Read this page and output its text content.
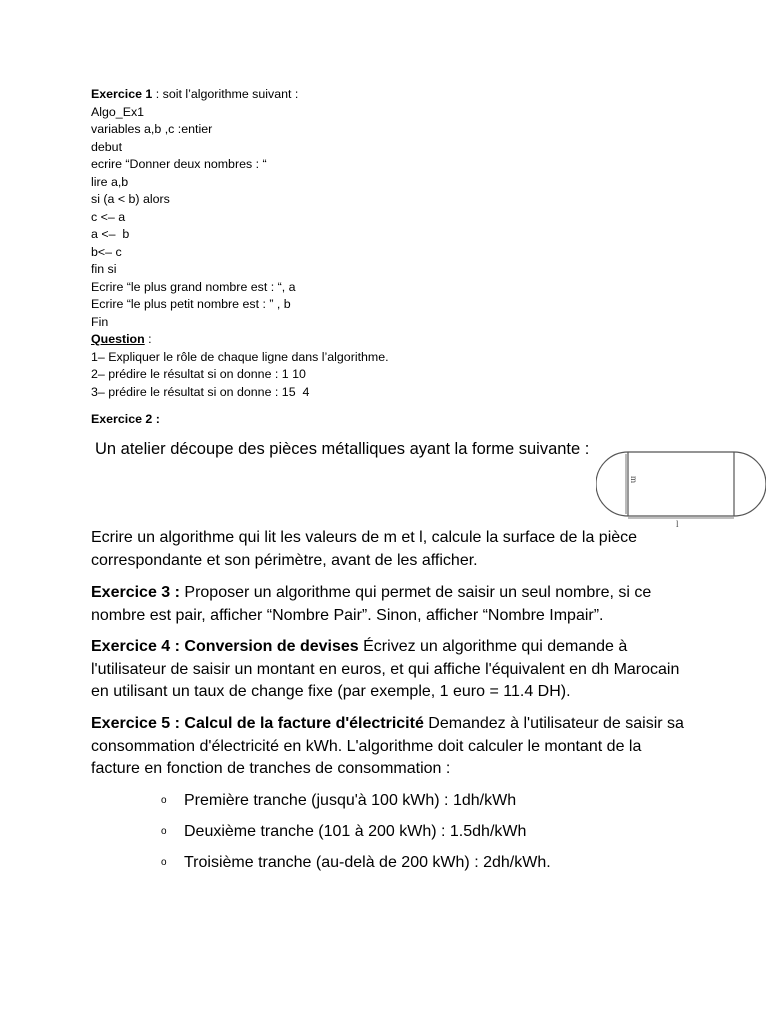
Exercice 1 : soit l’algorithme suivant :
Algo_Ex1
variables a,b ,c :entier
debut
ecrire “Donner deux nombres : “
lire a,b
si (a < b) alors
c <– a
a <–  b
b<– c
fin si
Ecrire “le plus grand nombre est : “, a
Ecrire “le plus petit nombre est : ” , b
Fin
Question :
1– Expliquer le rôle de chaque ligne dans l’algorithme.
2– prédire le résultat si on donne : 1 10
3– prédire le résultat si on donne : 15  4
Exercice 2 :
Un atelier découpe des pièces métalliques ayant la forme suivante :
m
l
Ecrire un algorithme qui lit les valeurs de m et l, calcule la surface de la pièce correspondante et son périmètre, avant de les afficher.
Exercice 3 : Proposer un algorithme qui permet de saisir un seul nombre, si ce nombre est pair, afficher “Nombre Pair”. Sinon, afficher “Nombre Impair”.
Exercice 4 : Conversion de devises Écrivez un algorithme qui demande à l'utilisateur de saisir un montant en euros, et qui affiche l'équivalent en dh Marocain en utilisant un taux de change fixe (par exemple, 1 euro = 11.4 DH).
Exercice 5 : Calcul de la facture d'électricité Demandez à l'utilisateur de saisir sa consommation d'électricité en kWh. L'algorithme doit calculer le montant de la facture en fonction de tranches de consommation :
o Première tranche (jusqu'à 100 kWh) : 1dh/kWh
o Deuxième tranche (101 à 200 kWh) : 1.5dh/kWh
o Troisième tranche (au-delà de 200 kWh) : 2dh/kWh.
